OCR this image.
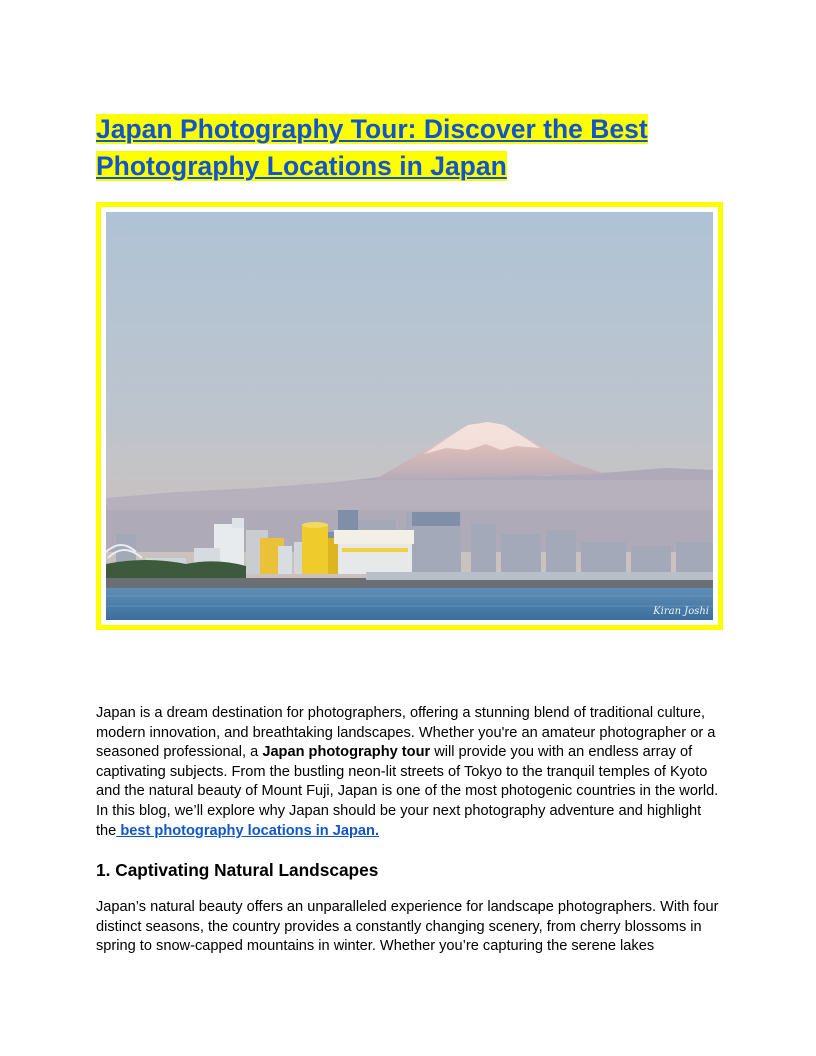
Japan Photography Tour: Discover the Best Photography Locations in Japan
Kiran Joshi

Japan is a dream destination for photographers, offering a stunning blend of traditional culture, modern innovation, and breathtaking landscapes. Whether you're an amateur photographer or a seasoned professional, a Japan photography tour will provide you with an endless array of captivating subjects. From the bustling neon-lit streets of Tokyo to the tranquil temples of Kyoto and the natural beauty of Mount Fuji, Japan is one of the most photogenic countries in the world. In this blog, we’ll explore why Japan should be your next photography adventure and highlight the best photography locations in Japan.

1. Captivating Natural Landscapes

Japan’s natural beauty offers an unparalleled experience for landscape photographers. With four distinct seasons, the country provides a constantly changing scenery, from cherry blossoms in spring to snow-capped mountains in winter. Whether you’re capturing the serene lakes
